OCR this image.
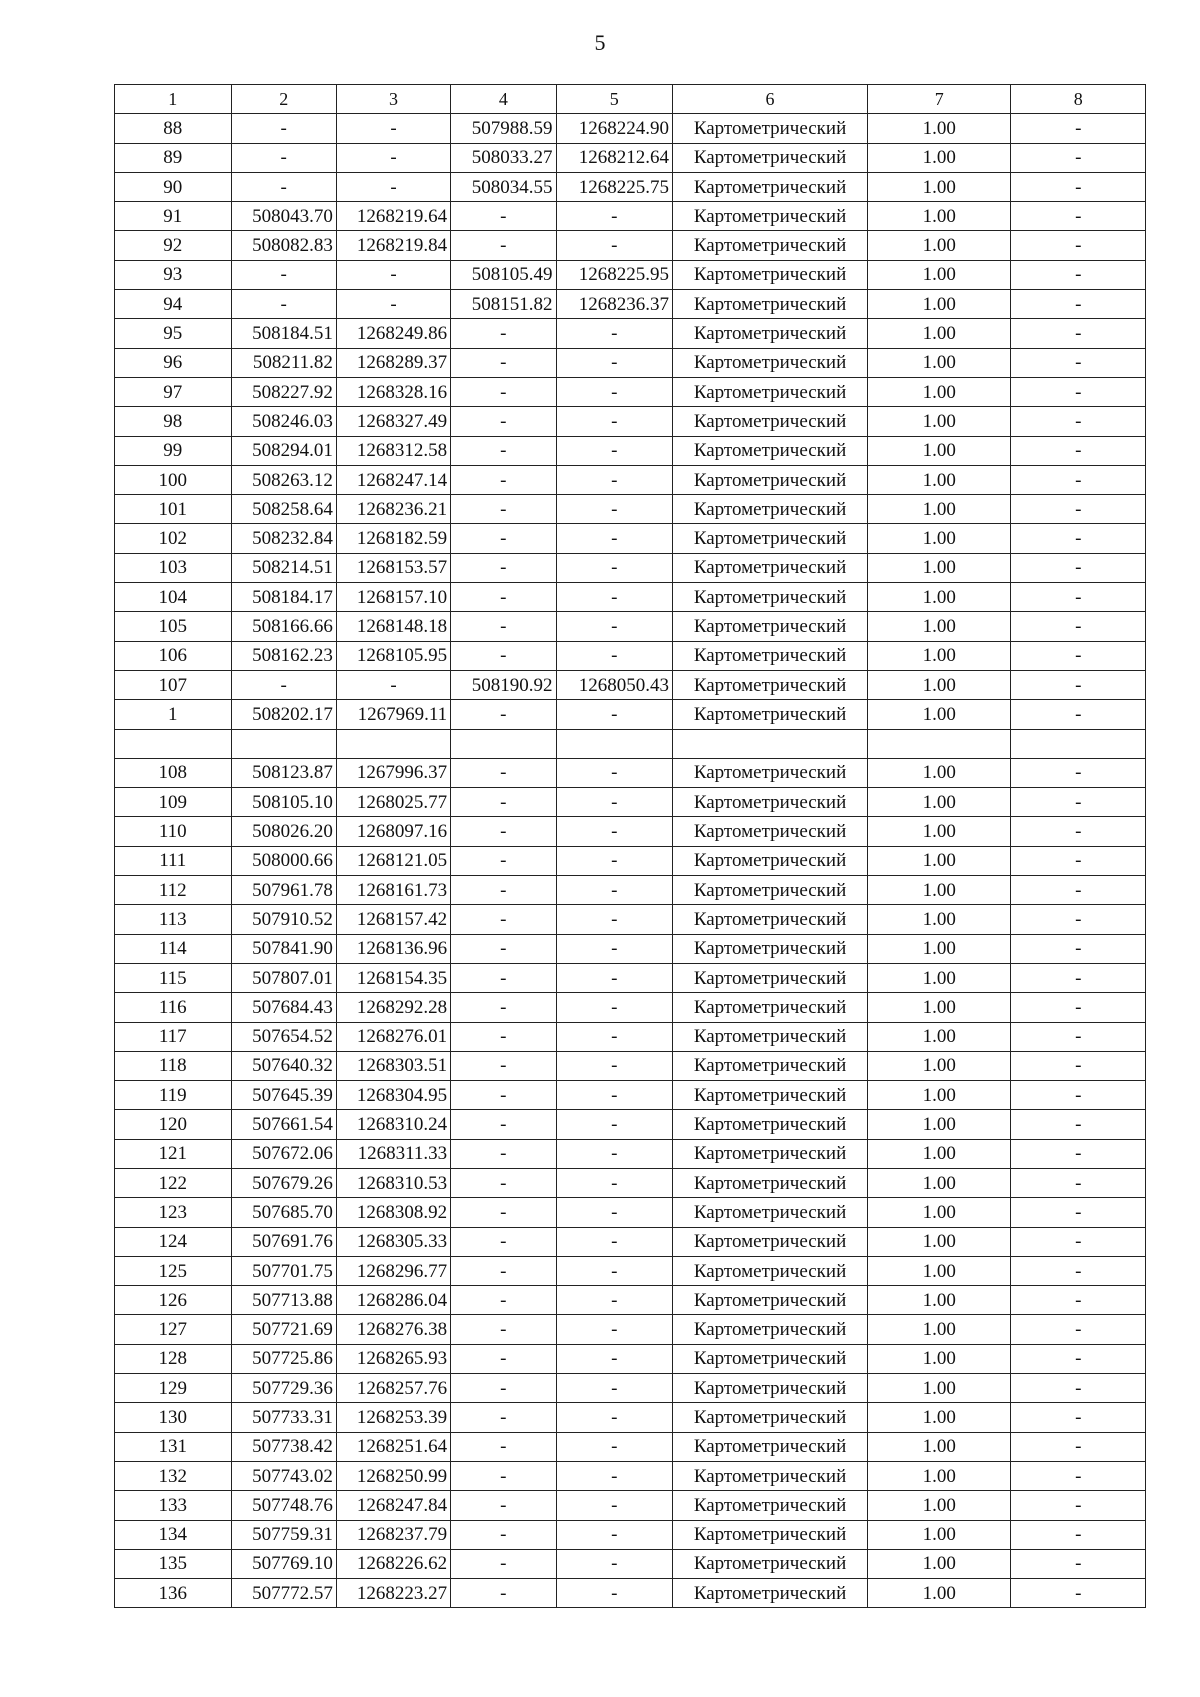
5
1	2	3	4	5	6	7	8
88	-	-	507988.59	1268224.90	Картометрический	1.00	-
89	-	-	508033.27	1268212.64	Картометрический	1.00	-
90	-	-	508034.55	1268225.75	Картометрический	1.00	-
91	508043.70	1268219.64	-	-	Картометрический	1.00	-
92	508082.83	1268219.84	-	-	Картометрический	1.00	-
93	-	-	508105.49	1268225.95	Картометрический	1.00	-
94	-	-	508151.82	1268236.37	Картометрический	1.00	-
95	508184.51	1268249.86	-	-	Картометрический	1.00	-
96	508211.82	1268289.37	-	-	Картометрический	1.00	-
97	508227.92	1268328.16	-	-	Картометрический	1.00	-
98	508246.03	1268327.49	-	-	Картометрический	1.00	-
99	508294.01	1268312.58	-	-	Картометрический	1.00	-
100	508263.12	1268247.14	-	-	Картометрический	1.00	-
101	508258.64	1268236.21	-	-	Картометрический	1.00	-
102	508232.84	1268182.59	-	-	Картометрический	1.00	-
103	508214.51	1268153.57	-	-	Картометрический	1.00	-
104	508184.17	1268157.10	-	-	Картометрический	1.00	-
105	508166.66	1268148.18	-	-	Картометрический	1.00	-
106	508162.23	1268105.95	-	-	Картометрический	1.00	-
107	-	-	508190.92	1268050.43	Картометрический	1.00	-
1	508202.17	1267969.11	-	-	Картометрический	1.00	-

108	508123.87	1267996.37	-	-	Картометрический	1.00	-
109	508105.10	1268025.77	-	-	Картометрический	1.00	-
110	508026.20	1268097.16	-	-	Картометрический	1.00	-
111	508000.66	1268121.05	-	-	Картометрический	1.00	-
112	507961.78	1268161.73	-	-	Картометрический	1.00	-
113	507910.52	1268157.42	-	-	Картометрический	1.00	-
114	507841.90	1268136.96	-	-	Картометрический	1.00	-
115	507807.01	1268154.35	-	-	Картометрический	1.00	-
116	507684.43	1268292.28	-	-	Картометрический	1.00	-
117	507654.52	1268276.01	-	-	Картометрический	1.00	-
118	507640.32	1268303.51	-	-	Картометрический	1.00	-
119	507645.39	1268304.95	-	-	Картометрический	1.00	-
120	507661.54	1268310.24	-	-	Картометрический	1.00	-
121	507672.06	1268311.33	-	-	Картометрический	1.00	-
122	507679.26	1268310.53	-	-	Картометрический	1.00	-
123	507685.70	1268308.92	-	-	Картометрический	1.00	-
124	507691.76	1268305.33	-	-	Картометрический	1.00	-
125	507701.75	1268296.77	-	-	Картометрический	1.00	-
126	507713.88	1268286.04	-	-	Картометрический	1.00	-
127	507721.69	1268276.38	-	-	Картометрический	1.00	-
128	507725.86	1268265.93	-	-	Картометрический	1.00	-
129	507729.36	1268257.76	-	-	Картометрический	1.00	-
130	507733.31	1268253.39	-	-	Картометрический	1.00	-
131	507738.42	1268251.64	-	-	Картометрический	1.00	-
132	507743.02	1268250.99	-	-	Картометрический	1.00	-
133	507748.76	1268247.84	-	-	Картометрический	1.00	-
134	507759.31	1268237.79	-	-	Картометрический	1.00	-
135	507769.10	1268226.62	-	-	Картометрический	1.00	-
136	507772.57	1268223.27	-	-	Картометрический	1.00	-
